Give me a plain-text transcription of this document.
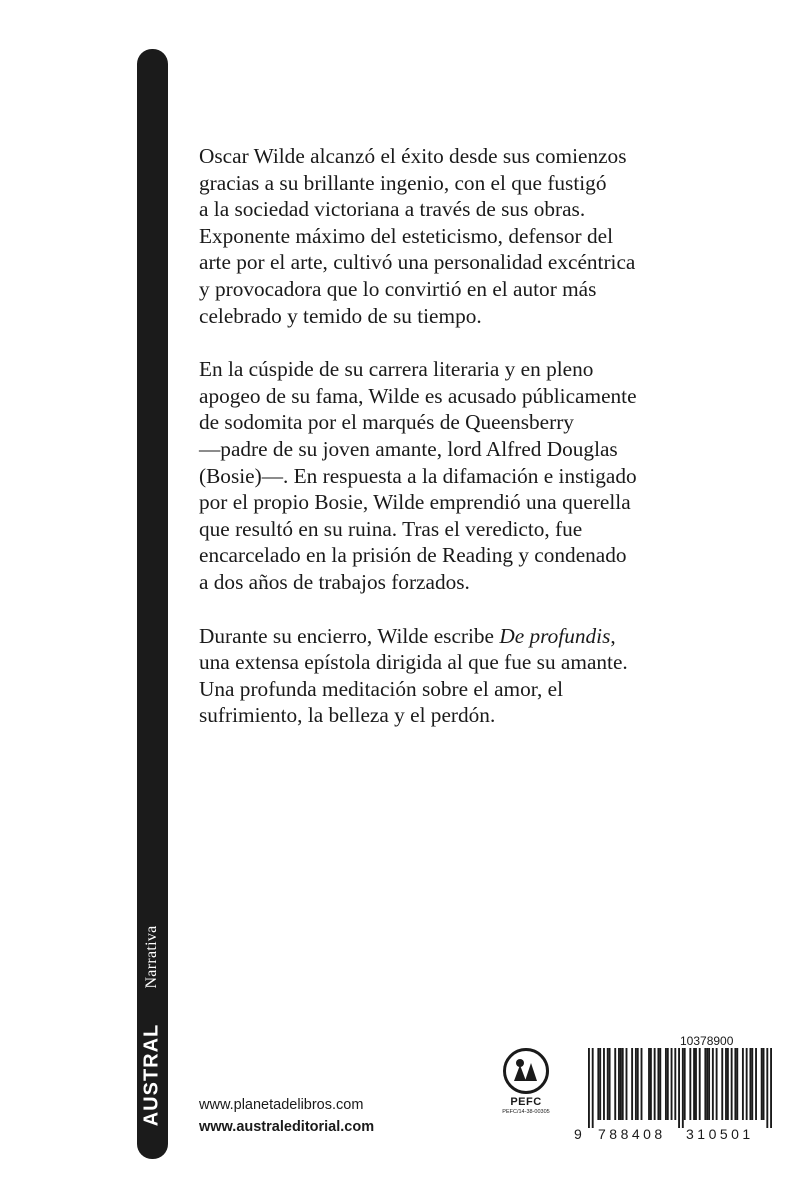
Narrativa
AUSTRAL

Oscar Wilde alcanzó el éxito desde sus comienzos
gracias a su brillante ingenio, con el que fustigó
a la sociedad victoriana a través de sus obras.
Exponente máximo del esteticismo, defensor del
arte por el arte, cultivó una personalidad excéntrica
y provocadora que lo convirtió en el autor más
celebrado y temido de su tiempo.

En la cúspide de su carrera literaria y en pleno
apogeo de su fama, Wilde es acusado públicamente
de sodomita por el marqués de Queensberry
—padre de su joven amante, lord Alfred Douglas
(Bosie)—. En respuesta a la difamación e instigado
por el propio Bosie, Wilde emprendió una querella
que resultó en su ruina. Tras el veredicto, fue
encarcelado en la prisión de Reading y condenado
a dos años de trabajos forzados.

Durante su encierro, Wilde escribe De profundis,
una extensa epístola dirigida al que fue su amante.
Una profunda meditación sobre el amor, el
sufrimiento, la belleza y el perdón.

www.planetadelibros.com
www.australeditorial.com
PEFC
PEFC/14-38-00305
10378900
9 788408 310501
